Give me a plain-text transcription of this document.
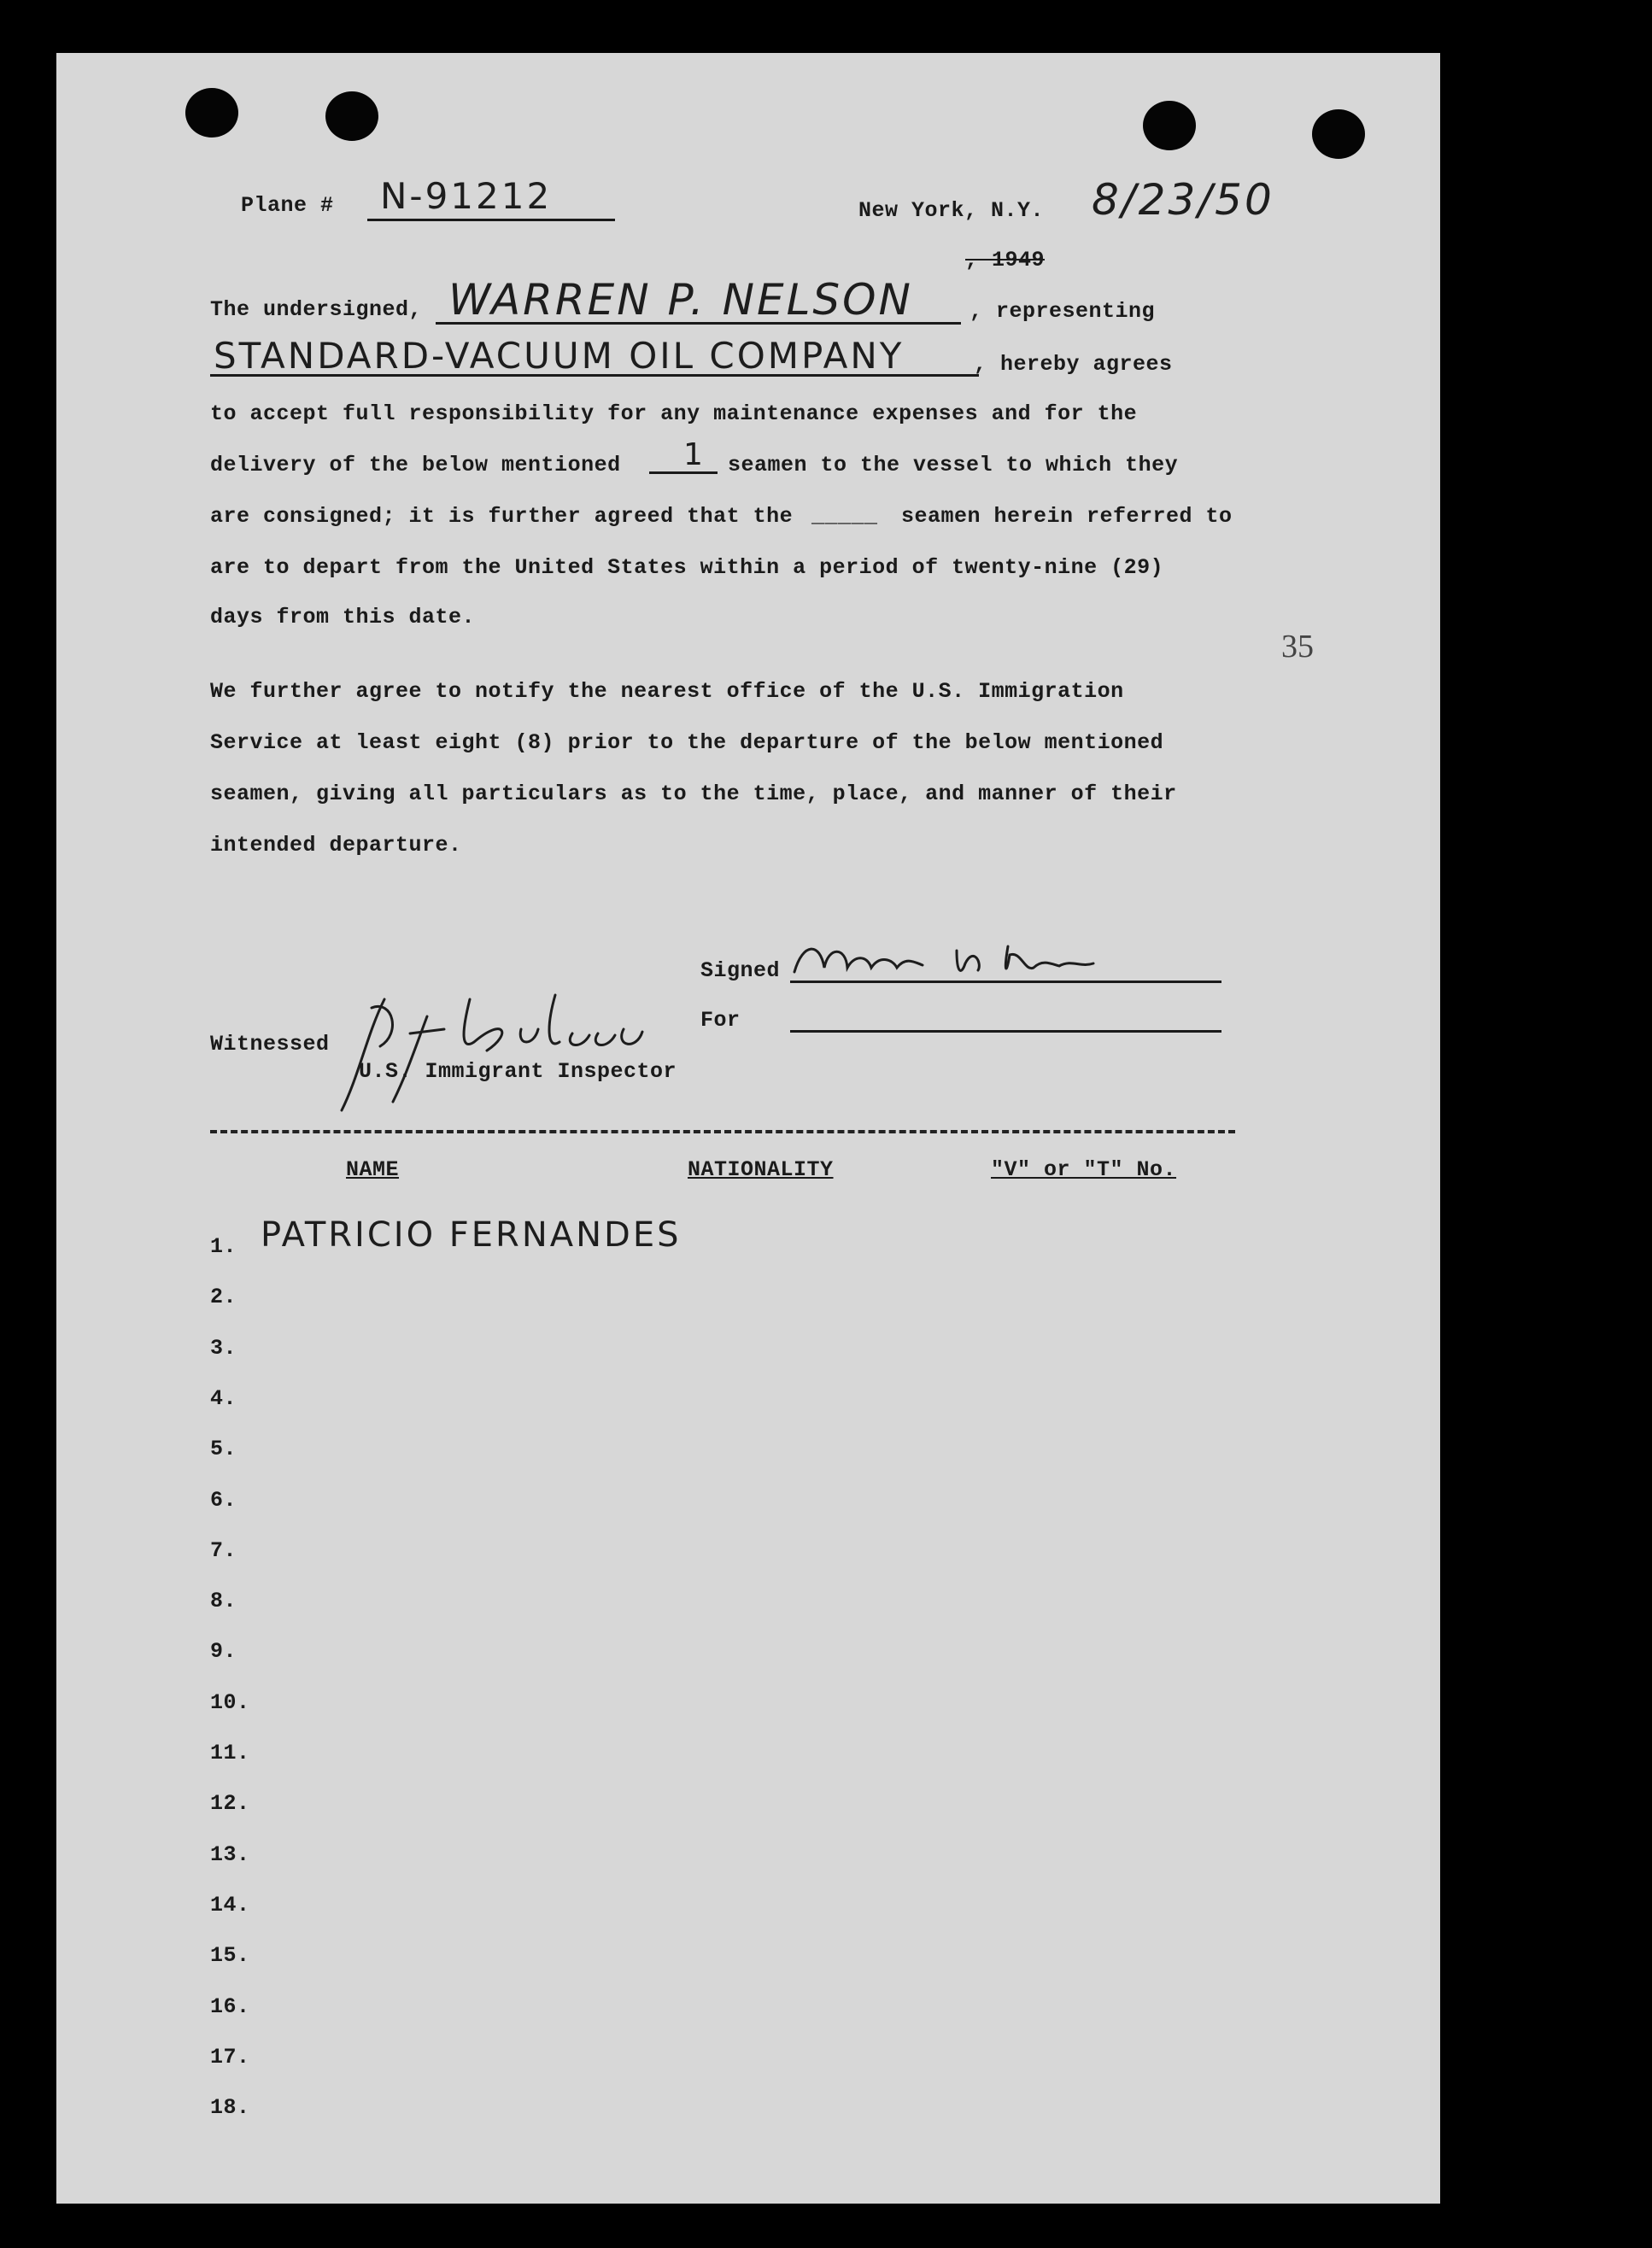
Plane # N-91212	New York, N.Y. 8/23/50
, 1949
The undersigned, WARREN P. NELSON	, representing
STANDARD-VACUUM OIL COMPANY	, hereby agrees
to accept full responsibility for any maintenance expenses and for the
delivery of the below mentioned 1 seamen to the vessel to which they
are consigned; it is further agreed that the _____ seamen herein referred to
are to depart from the United States within a period of twenty-nine (29)
days from this date.
35
We further agree to notify the nearest office of the U.S. Immigration
Service at least eight (8) prior to the departure of the below mentioned
seamen, giving all particulars as to the time, place, and manner of their
intended departure.
Signed
For
Witnessed
U.S. Immigrant Inspector
NAME	NATIONALITY	"V" or "T" No.
1. PATRICIO FERNANDES
2.
3.
4.
5.
6.
7.
8.
9.
10.
11.
12.
13.
14.
15.
16.
17.
18.
